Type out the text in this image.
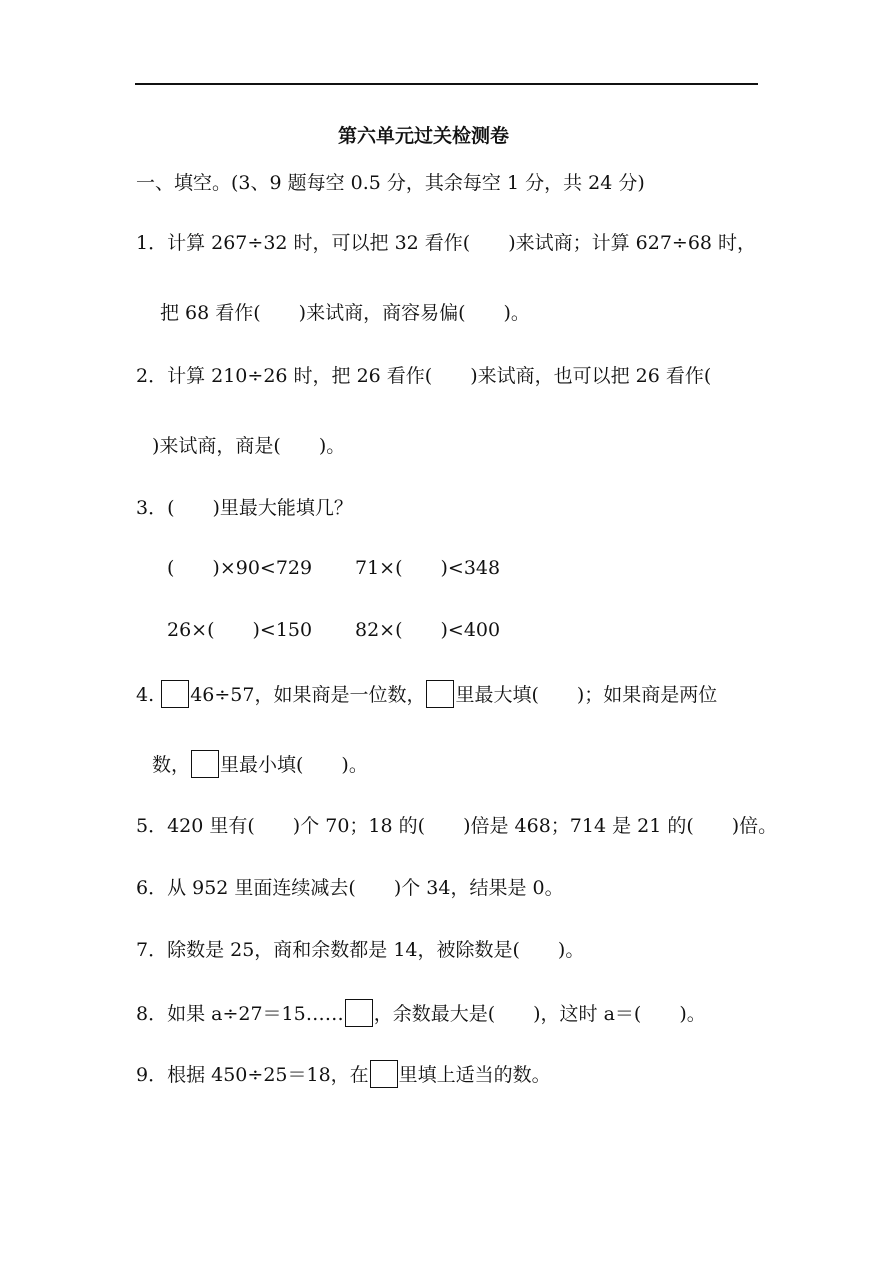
第六单元过关检测卷
一、填空。(3、9 题每空 0.5 分，其余每空 1 分，共 24 分)
1．计算 267÷32 时，可以把 32 看作(　　)来试商；计算 627÷68 时，
把 68 看作(　　)来试商，商容易偏(　　)。
2．计算 210÷26 时，把 26 看作(　　)来试商，也可以把 26 看作(
)来试商，商是(　　)。
3．(　　)里最大能填几？
(　　)×90<729 71×(　　)<348
26×(　　)<150 82×(　　)<400
4. 46÷57，如果商是一位数， 里最大填(　　)；如果商是两位
数， 里最小填(　　)。
5．420 里有(　　)个 70；18 的(　　)倍是 468；714 是 21 的(　　)倍。
6．从 952 里面连续减去(　　)个 34，结果是 0。
7．除数是 25，商和余数都是 14，被除数是(　　)。
8．如果 a÷27＝15…… ，余数最大是(　　)，这时 a＝(　　)。
9．根据 450÷25＝18，在 里填上适当的数。
